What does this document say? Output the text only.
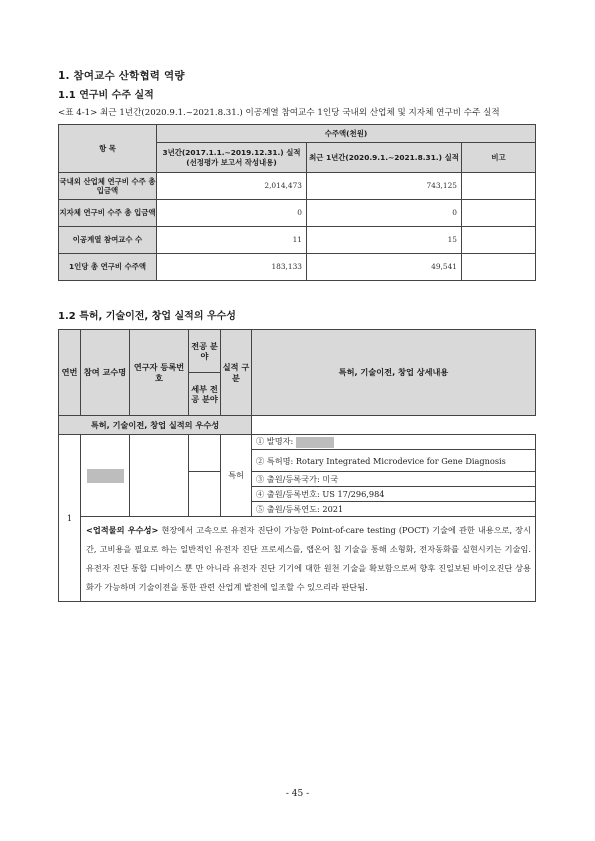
1. 참여교수 산학협력 역량
1.1 연구비 수주 실적
<표 4-1> 최근 1년간(2020.9.1.~2021.8.31.) 이공계열 참여교수 1인당 국내외 산업체 및 지자체 연구비 수주 실적
항 목	수주액(천원)		
	3년간(2017.1.1.~2019.12.31.) 실적 (선정평가 보고서 작성내용)	최근 1년간(2020.9.1.~2021.8.31.) 실적	비고
국내외 산업체 연구비 수주 총 입금액	2,014,473	743,125	
지자체 연구비 수주 총 입금액	0	0	
이공계열 참여교수 수	11	15	
1인당 총 연구비 수주액	183,133	49,541	
1.2 특허, 기술이전, 창업 실적의 우수성
연번	참여 교수명	연구자 등록번호	전공 분야	실적 구분	특허, 기술이전, 창업 상세내용
			세부 전공 분야		
특허, 기술이전, 창업 실적의 우수성					
1				특허	① 발명자:
					② 특허명: Rotary Integrated Microdevice for Gene Diagnosis
					③ 출원/등록국가: 미국
					④ 출원/등록번호: US 17/296,984
					⑤ 출원/등록연도: 2021
	<업적물의 우수성> 현장에서 고속으로 유전자 진단이 가능한 Point-of-care testing (POCT) 기술에 관한 내용으로, 장시간, 고비용을 필요로 하는 일반적인 유전자 진단 프로세스를, 랩온어 칩 기술을 통해 소형화, 전자동화를 실현시키는 기술임. 유전자 진단 통합 디바이스 뿐 만 아니라 유전자 진단 기기에 대한 원천 기술을 확보함으로써 향후 진일보된 바이오진단 상용화가 가능하며 기술이전을 통한 관련 산업계 발전에 일조할 수 있으리라 판단됨.				
- 45 -
